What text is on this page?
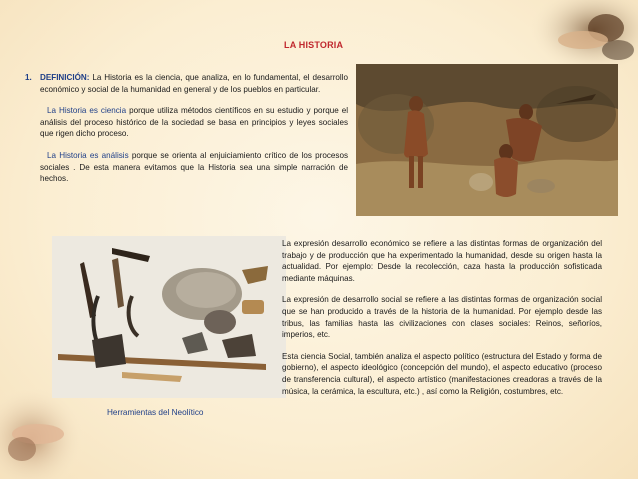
LA HISTORIA
1. DEFINICIÓN: La Historia es la ciencia, que analiza, en lo fundamental, el desarrollo económico y social de la humanidad en general y de los pueblos en particular.

La Historia es ciencia porque utiliza métodos científicos en su estudio y porque el análisis del proceso histórico de la sociedad se basa en principios y leyes sociales que rigen dicho proceso.

La Historia es análisis porque se orienta al enjuiciamiento crítico de los procesos sociales . De esta manera evitamos que la Historia sea una simple narración de hechos.

Herramientas del Neolítico

La expresión desarrollo económico se refiere a las distintas formas de organización del trabajo y de producción que ha experimentado la humanidad, desde su origen hasta la actualidad. Por ejemplo: Desde la recolección, caza hasta la producción sofisticada mediante máquinas.

La expresión de desarrollo social se refiere a las distintas formas de organización social que se han producido a través de la historia de la humanidad. Por ejemplo desde las tribus, las familias hasta las civilizaciones con clases sociales: Reinos, señoríos, imperios, etc.

Esta ciencia Social, también analiza el aspecto político (estructura del Estado y forma de gobierno), el aspecto ideológico (concepción del mundo), el aspecto educativo (proceso de transferencia cultural), el aspecto artístico (manifestaciones creadoras a través de la música, la cerámica, la escultura, etc.) , así como la Religión, costumbres, etc.
